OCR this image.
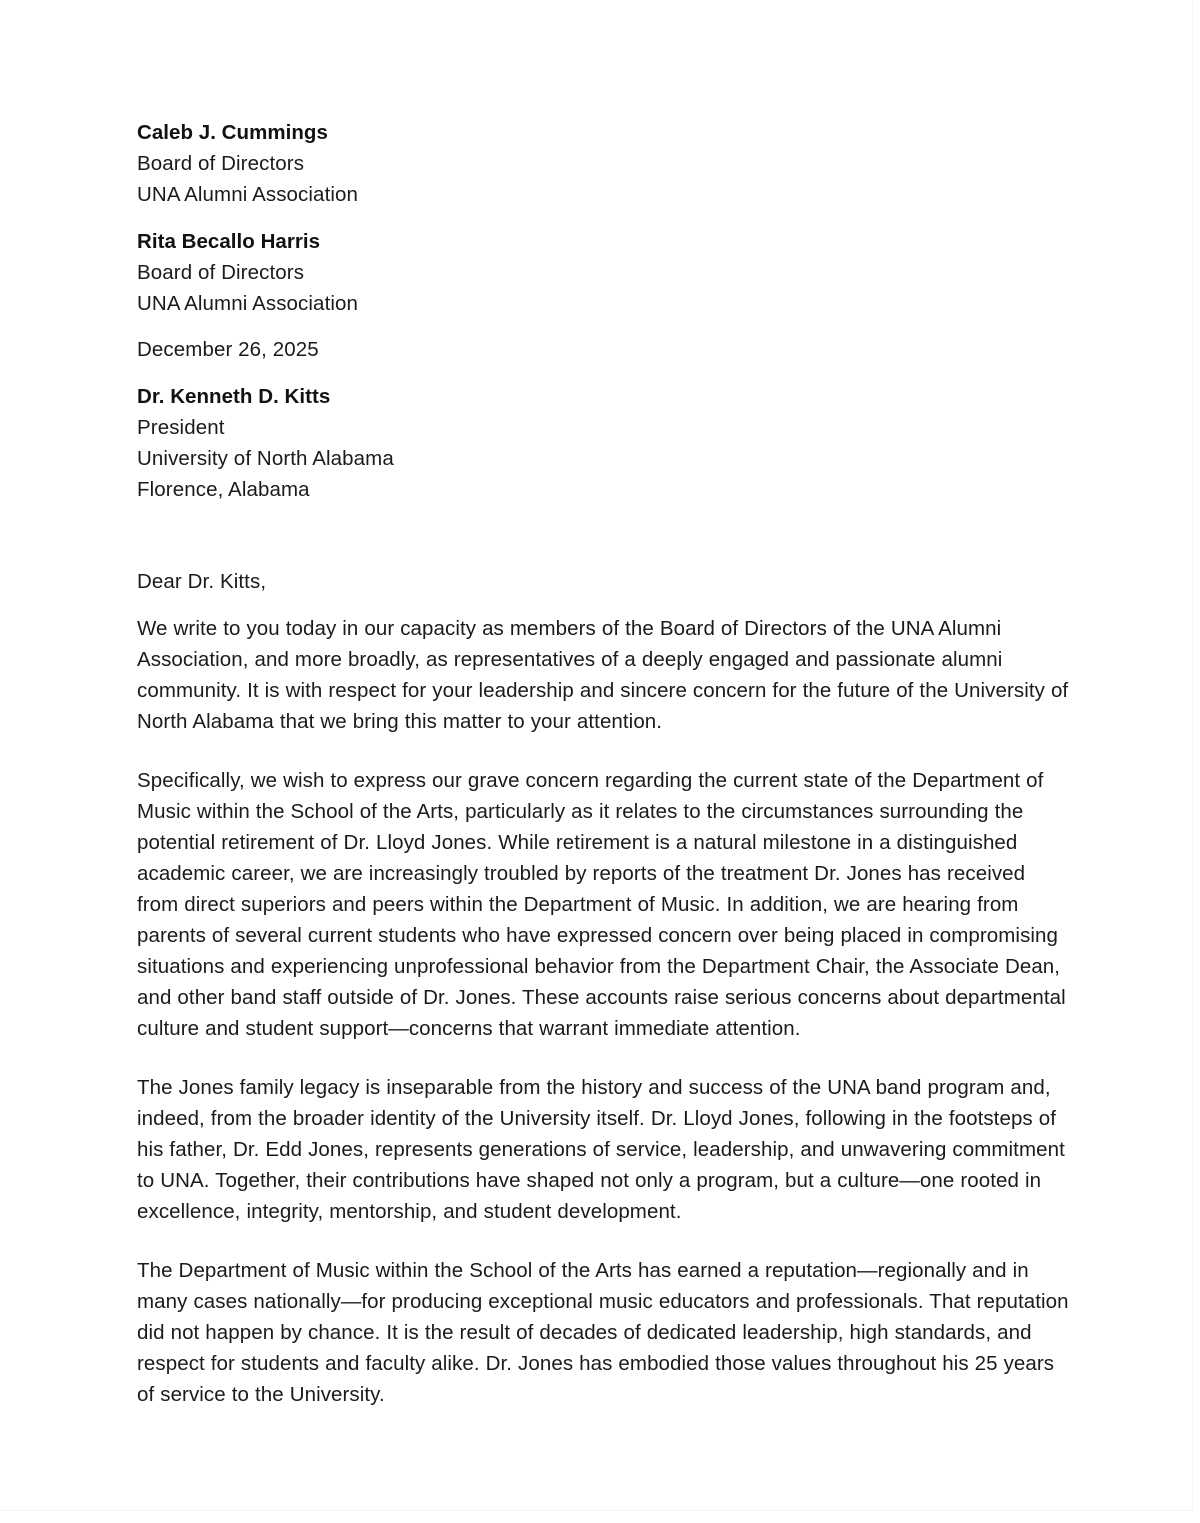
Caleb J. Cummings
Board of Directors
UNA Alumni Association
Rita Becallo Harris
Board of Directors
UNA Alumni Association
December 26, 2025
Dr. Kenneth D. Kitts
President
University of North Alabama
Florence, Alabama
Dear Dr. Kitts,

We write to you today in our capacity as members of the Board of Directors of the UNA Alumni Association, and more broadly, as representatives of a deeply engaged and passionate alumni community. It is with respect for your leadership and sincere concern for the future of the University of North Alabama that we bring this matter to your attention.

Specifically, we wish to express our grave concern regarding the current state of the Department of Music within the School of the Arts, particularly as it relates to the circumstances surrounding the potential retirement of Dr. Lloyd Jones. While retirement is a natural milestone in a distinguished academic career, we are increasingly troubled by reports of the treatment Dr. Jones has received from direct superiors and peers within the Department of Music. In addition, we are hearing from parents of several current students who have expressed concern over being placed in compromising situations and experiencing unprofessional behavior from the Department Chair, the Associate Dean, and other band staff outside of Dr. Jones. These accounts raise serious concerns about departmental culture and student support—concerns that warrant immediate attention.

The Jones family legacy is inseparable from the history and success of the UNA band program and, indeed, from the broader identity of the University itself. Dr. Lloyd Jones, following in the footsteps of his father, Dr. Edd Jones, represents generations of service, leadership, and unwavering commitment to UNA. Together, their contributions have shaped not only a program, but a culture—one rooted in excellence, integrity, mentorship, and student development.

The Department of Music within the School of the Arts has earned a reputation—regionally and in many cases nationally—for producing exceptional music educators and professionals. That reputation did not happen by chance. It is the result of decades of dedicated leadership, high standards, and respect for students and faculty alike. Dr. Jones has embodied those values throughout his 25 years of service to the University.
